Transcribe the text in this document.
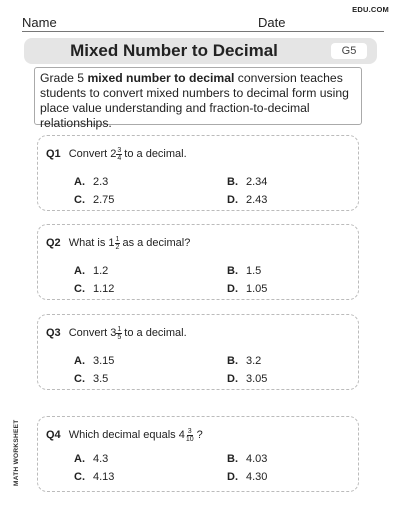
EDU.COM
Name	Date
Mixed Number to Decimal	G5
Grade 5 mixed number to decimal conversion teaches students to convert mixed numbers to decimal form using place value understanding and fraction-to-decimal relationships.
MATH WORKSHEET
Q1 Convert $2 \frac{3}{4}$ to a decimal.
A. 2.3	B. 2.34
C. 2.75	D. 2.43
Q2 What is $1 \frac{1}{2}$ as a decimal?
A. 1.2	B. 1.5
C. 1.12	D. 1.05
Q3 Convert $3 \frac{1}{5}$ to a decimal.
A. 3.15	B. 3.2
C. 3.5	D. 3.05
Q4 Which decimal equals $4 \frac{3}{10}$ ?
A. 4.3	B. 4.03
C. 4.13	D. 4.30
